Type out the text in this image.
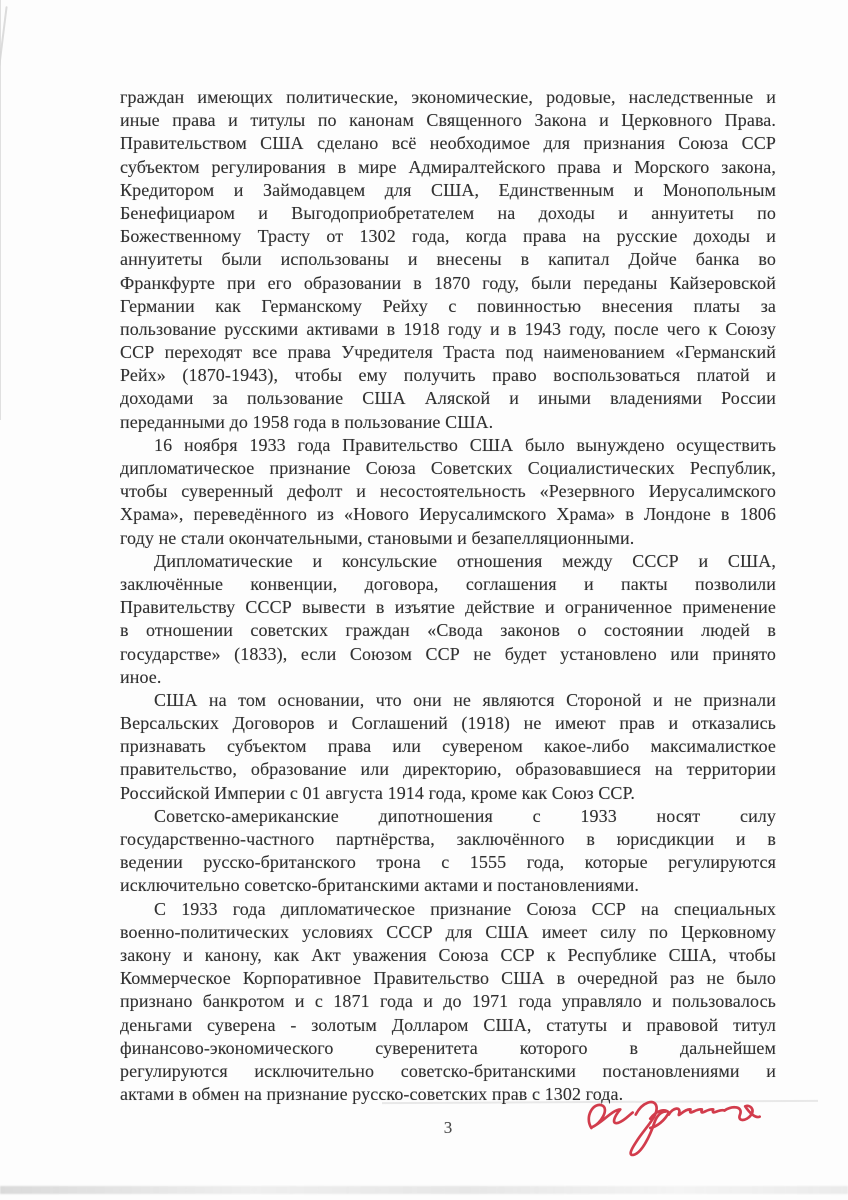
граждан имеющих политические, экономические, родовые, наследственные и
иные права и титулы по канонам Священного Закона и Церковного Права.
Правительством США сделано всё необходимое для признания Союза ССР
субъектом регулирования в мире Адмиралтейского права и Морского закона,
Кредитором и Займодавцем для США, Единственным и Монопольным
Бенефициаром и Выгодоприобретателем на доходы и аннуитеты по
Божественному Трасту от 1302 года, когда права на русские доходы и
аннуитеты были использованы и внесены в капитал Дойче банка во
Франкфурте при его образовании в 1870 году, были переданы Кайзеровской
Германии как Германскому Рейху с повинностью внесения платы за
пользование русскими активами в 1918 году и в 1943 году, после чего к Союзу
ССР переходят все права Учредителя Траста под наименованием «Германский
Рейх» (1870-1943), чтобы ему получить право воспользоваться платой и
доходами за пользование США Аляской и иными владениями России
переданными до 1958 года в пользование США.
16 ноября 1933 года Правительство США было вынуждено осуществить
дипломатическое признание Союза Советских Социалистических Республик,
чтобы суверенный дефолт и несостоятельность «Резервного Иерусалимского
Храма», переведённого из «Нового Иерусалимского Храма» в Лондоне в 1806
году не стали окончательными, становыми и безапелляционными.
Дипломатические и консульские отношения между СССР и США,
заключённые конвенции, договора, соглашения и пакты позволили
Правительству СССР вывести в изъятие действие и ограниченное применение
в отношении советских граждан «Свода законов о состоянии людей в
государстве» (1833), если Союзом ССР не будет установлено или принято
иное.
США на том основании, что они не являются Стороной и не признали
Версальских Договоров и Соглашений (1918) не имеют прав и отказались
признавать субъектом права или сувереном какое-либо максималисткое
правительство, образование или директорию, образовавшиеся на территории
Российской Империи с 01 августа 1914 года, кроме как Союз ССР.
Советско-американские дипотношения с 1933 носят силу
государственно-частного партнёрства, заключённого в юрисдикции и в
ведении русско-британского трона с 1555 года, которые регулируются
исключительно советско-британскими актами и постановлениями.
С 1933 года дипломатическое признание Союза ССР на специальных
военно-политических условиях СССР для США имеет силу по Церковному
закону и канону, как Акт уважения Союза ССР к Республике США, чтобы
Коммерческое Корпоративное Правительство США в очередной раз не было
признано банкротом и с 1871 года и до 1971 года управляло и пользовалось
деньгами суверена - золотым Долларом США, статуты и правовой титул
финансово-экономического суверенитета которого в дальнейшем
регулируются исключительно советско-британскими постановлениями и
актами в обмен на признание русско-советских прав с 1302 года.
3
